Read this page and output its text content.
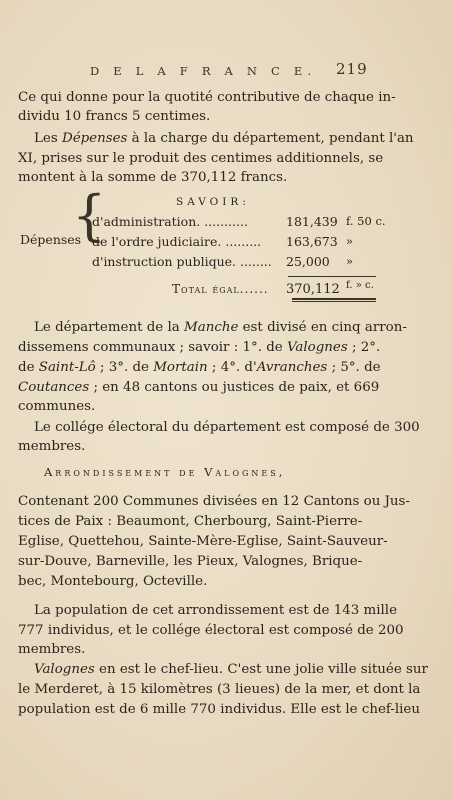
D E L A F R A N C E.	219
Ce qui donne pour la quotité contributive de chaque in-
dividu 10 francs 5 centimes.
Les Dépenses à la charge du département, pendant l'an
XI, prises sur le produit des centimes additionnels, se
montent à la somme de 370,112 francs.
SAVOIR:
Dépenses
{
d'administration. ...........	181,439 f. 50 c.
de l'ordre judiciaire. ......... 163,673 »
d'instruction publique. ........ 25,000 »
Total égal...... 370,112 f. » c.
Le département de la Manche est divisé en cinq arron-
dissemens communaux ; savoir : 1°. de Valognes ; 2°.
de Saint-Lô ; 3°. de Mortain ; 4°. d'Avranches ; 5°. de
Coutances ; en 48 cantons ou justices de paix, et 669
communes.
Le collége électoral du département est composé de 300
membres.
Arrondissement de Valognes,
Contenant 200 Communes divisées en 12 Cantons ou Jus-
tices de Paix : Beaumont, Cherbourg, Saint-Pierre-
Eglise, Quettehou, Sainte-Mère-Eglise, Saint-Sauveur-
sur-Douve, Barneville, les Pieux, Valognes, Brique-
bec, Montebourg, Octeville.
La population de cet arrondissement est de 143 mille
777 individus, et le collége électoral est composé de 200
membres.
Valognes en est le chef-lieu. C'est une jolie ville située sur
le Merderet, à 15 kilomètres (3 lieues) de la mer, et dont la
population est de 6 mille 770 individus. Elle est le chef-lieu
